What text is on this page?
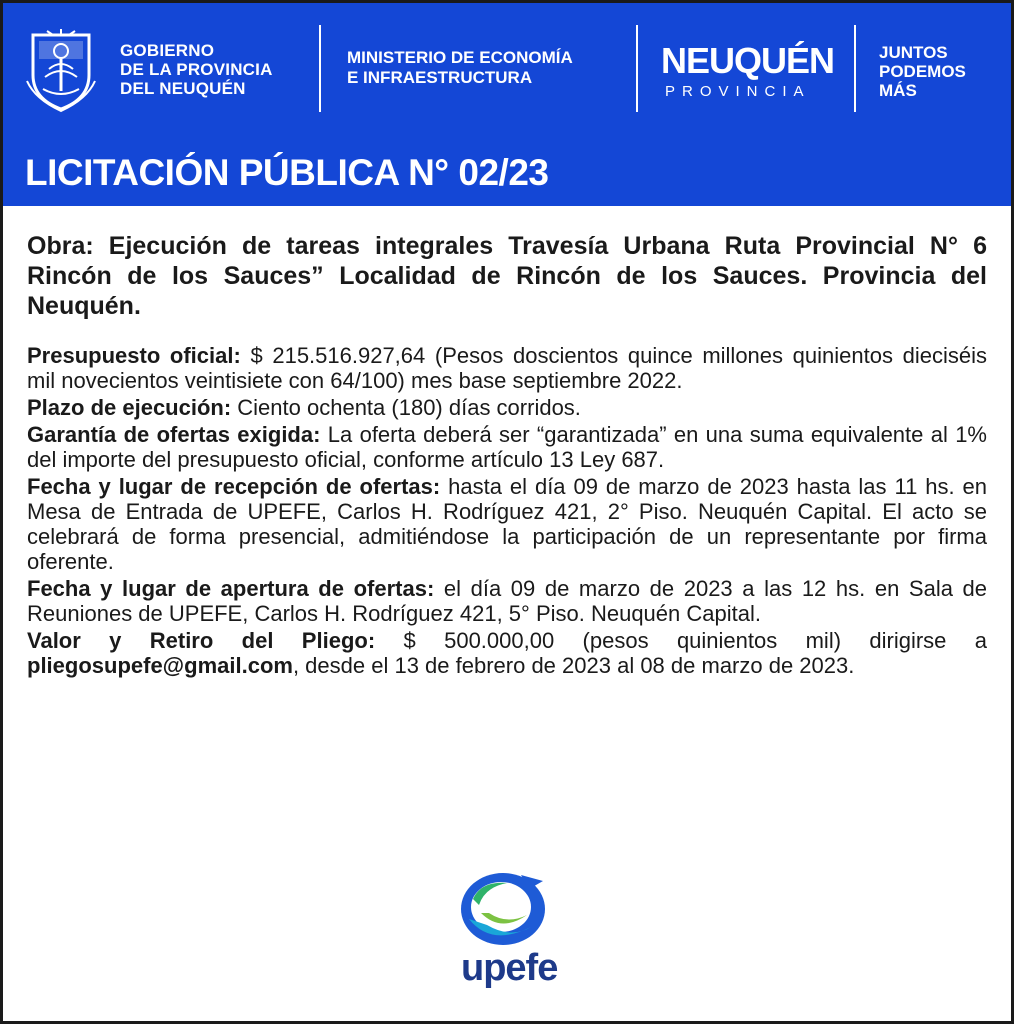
GOBIERNO
DE LA PROVINCIA
DEL NEUQUÉN
MINISTERIO DE ECONOMÍA
E INFRAESTRUCTURA	NEUQUÉN
PROVINCIA
JUNTOS
PODEMOS
MÁS
LICITACIÓN PÚBLICA N° 02/23

Obra: Ejecución de tareas integrales Travesía Urbana Ruta Provincial N° 6 Rincón de los Sauces” Localidad de Rincón de los Sauces. Provincia del Neuquén.

Presupuesto oficial: $ 215.516.927,64 (Pesos doscientos quince millones quinientos dieciséis mil novecientos veintisiete con 64/100) mes base septiembre 2022.

Plazo de ejecución: Ciento ochenta (180) días corridos.

Garantía de ofertas exigida: La oferta deberá ser “garantizada” en una suma equivalente al 1% del importe del presupuesto oficial, conforme artículo 13 Ley 687.

Fecha y lugar de recepción de ofertas: hasta el día 09 de marzo de 2023 hasta las 11 hs. en Mesa de Entrada de UPEFE, Carlos H. Rodríguez 421, 2° Piso. Neuquén Capital. El acto se celebrará de forma presencial, admitiéndose la participación de un representante por firma oferente.

Fecha y lugar de apertura de ofertas: el día 09 de marzo de 2023 a las 12 hs. en Sala de Reuniones de UPEFE, Carlos H. Rodríguez 421, 5° Piso. Neuquén Capital.

Valor y Retiro del Pliego: $ 500.000,00 (pesos quinientos mil) dirigirse a pliegosupefe@gmail.com, desde el 13 de febrero de 2023 al 08 de marzo de 2023.

upefe
